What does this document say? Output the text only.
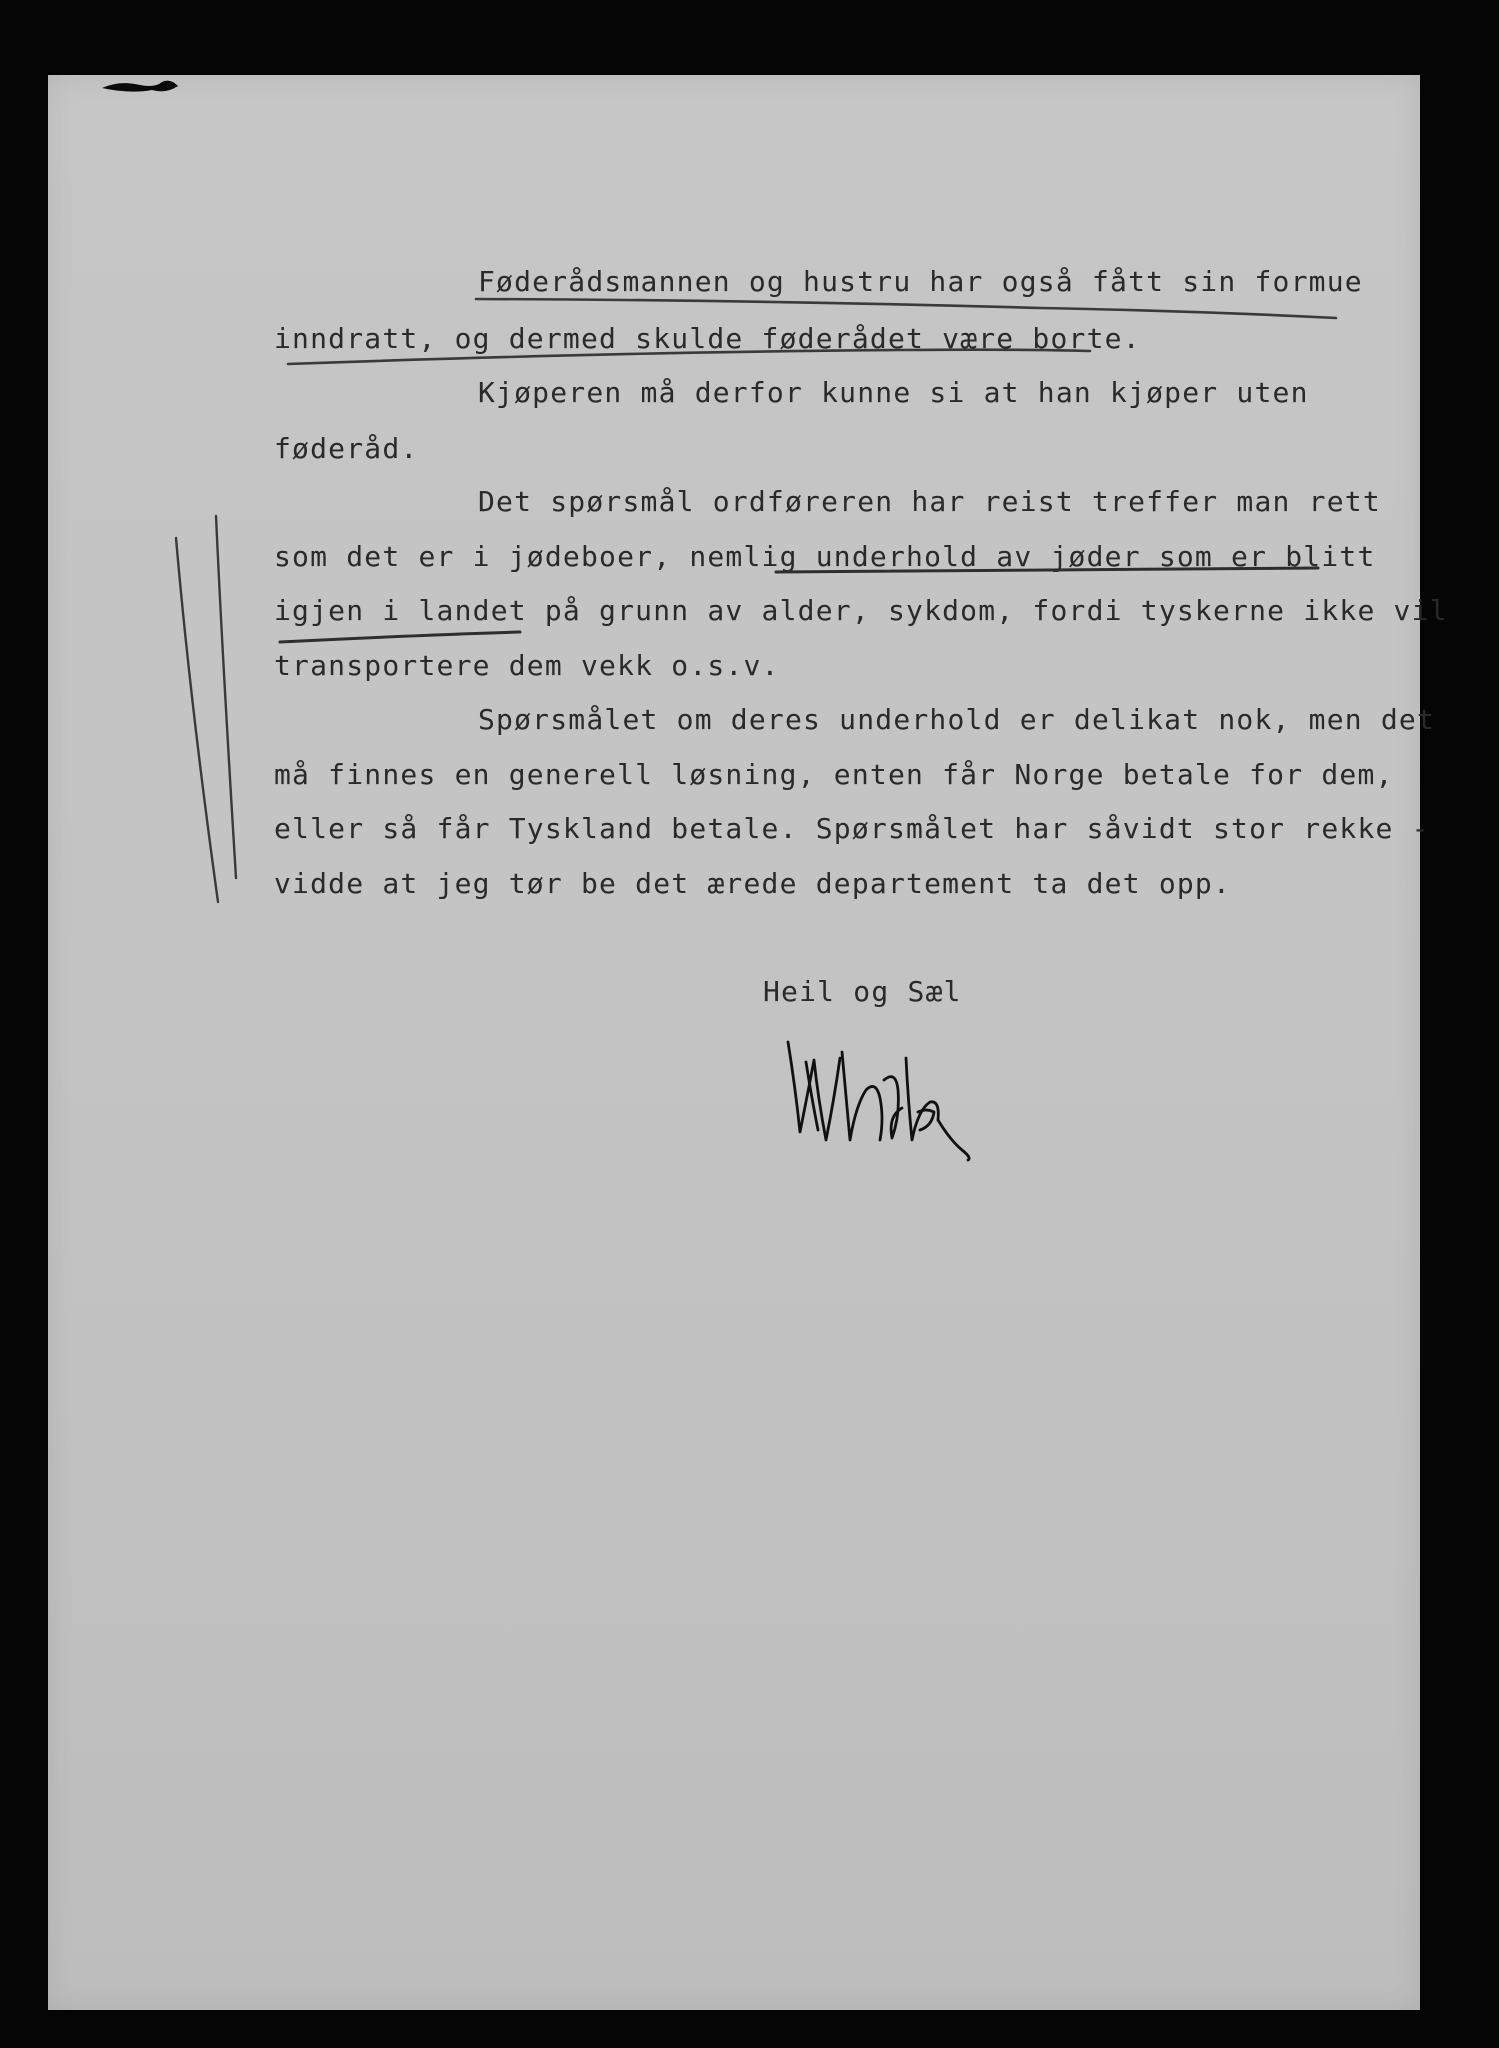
Føderådsmannen og hustru har også fått sin formue

inndratt, og dermed skulde føderådet være borte.

Kjøperen må derfor kunne si at han kjøper uten

føderåd.

Det spørsmål ordføreren har reist treffer man rett

som det er i jødeboer, nemlig underhold av jøder som er blitt

igjen i landet på grunn av alder, sykdom, fordi tyskerne ikke vil

transportere dem vekk o.s.v.

Spørsmålet om deres underhold er delikat nok, men det

må finnes en generell løsning, enten får Norge betale for dem,

eller så får Tyskland betale. Spørsmålet har såvidt stor rekke -

vidde at jeg tør be det ærede departement ta det opp.

Heil og Sæl
